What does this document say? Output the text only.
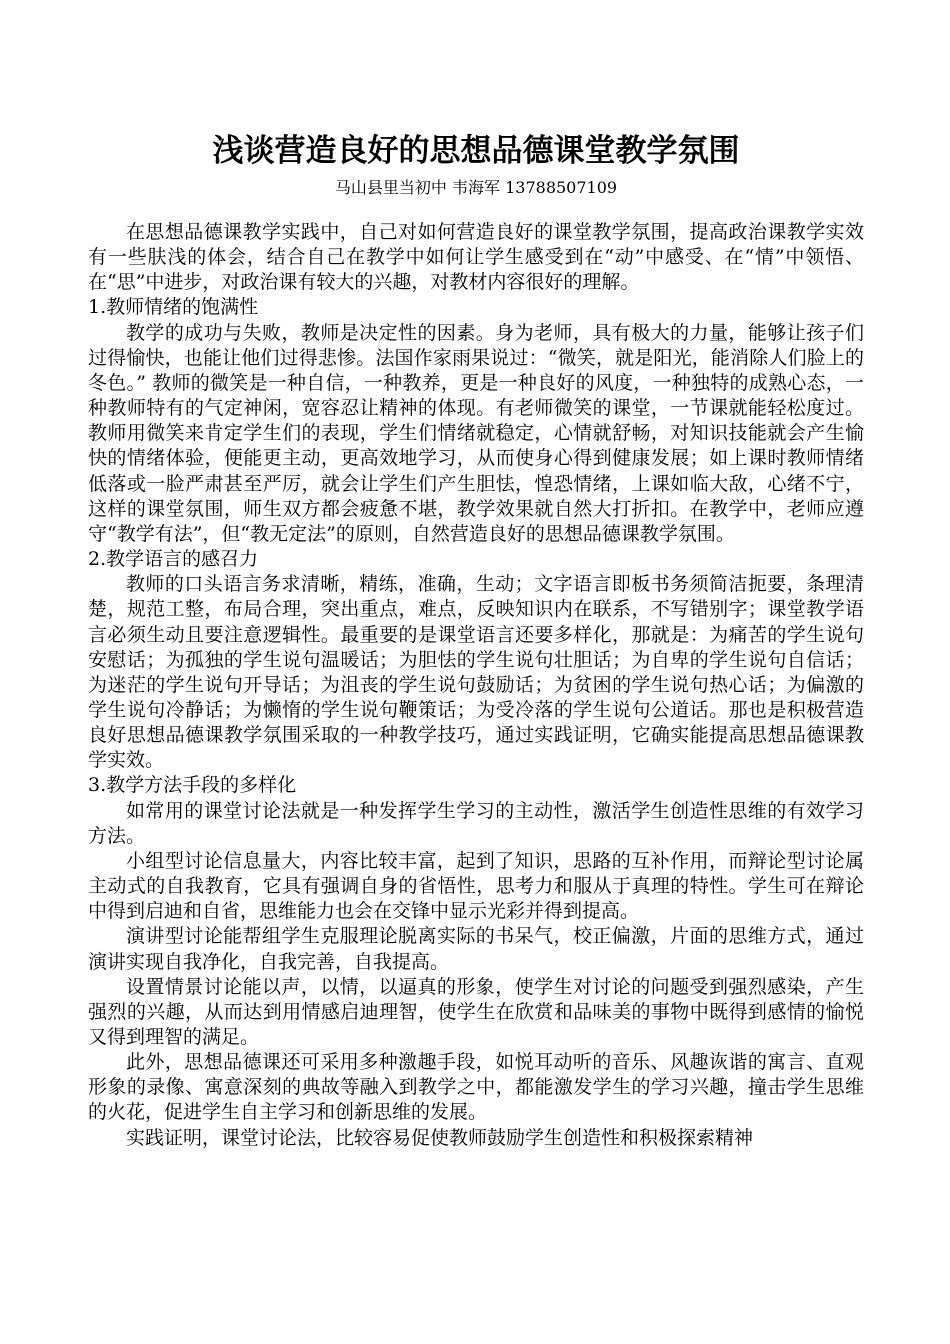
浅谈营造良好的思想品德课堂教学氛围
马山县里当初中 韦海军 13788507109

在思想品德课教学实践中，自己对如何营造良好的课堂教学氛围，提高政治课教学实效有一些肤浅的体会，结合自己在教学中如何让学生感受到在“动”中感受、在“情”中领悟、在“思”中进步，对政治课有较大的兴趣，对教材内容很好的理解。

1.教师情绪的饱满性

教学的成功与失败，教师是决定性的因素。身为老师，具有极大的力量，能够让孩子们过得愉快，也能让他们过得悲惨。法国作家雨果说过：“微笑，就是阳光，能消除人们脸上的冬色。” 教师的微笑是一种自信，一种教养，更是一种良好的风度，一种独特的成熟心态，一种教师特有的气定神闲，宽容忍让精神的体现。有老师微笑的课堂，一节课就能轻松度过。教师用微笑来肯定学生们的表现，学生们情绪就稳定，心情就舒畅，对知识技能就会产生愉快的情绪体验，便能更主动，更高效地学习，从而使身心得到健康发展；如上课时教师情绪低落或一脸严肃甚至严厉，就会让学生们产生胆怯，惶恐情绪，上课如临大敌，心绪不宁，这样的课堂氛围，师生双方都会疲惫不堪，教学效果就自然大打折扣。在教学中，老师应遵守“教学有法”，但“教无定法”的原则，自然营造良好的思想品德课教学氛围。

2.教学语言的感召力

教师的口头语言务求清晰，精练，准确，生动；文字语言即板书务须简洁扼要，条理清楚，规范工整，布局合理，突出重点，难点，反映知识内在联系，不写错别字；课堂教学语言必须生动且要注意逻辑性。最重要的是课堂语言还要多样化，那就是：为痛苦的学生说句安慰话；为孤独的学生说句温暖话；为胆怯的学生说句壮胆话；为自卑的学生说句自信话；为迷茫的学生说句开导话；为沮丧的学生说句鼓励话；为贫困的学生说句热心话；为偏激的学生说句冷静话；为懒惰的学生说句鞭策话；为受冷落的学生说句公道话。那也是积极营造良好思想品德课教学氛围采取的一种教学技巧，通过实践证明，它确实能提高思想品德课教学实效。

3.教学方法手段的多样化

如常用的课堂讨论法就是一种发挥学生学习的主动性，激活学生创造性思维的有效学习方法。

小组型讨论信息量大，内容比较丰富，起到了知识，思路的互补作用，而辩论型讨论属主动式的自我教育，它具有强调自身的省悟性，思考力和服从于真理的特性。学生可在辩论中得到启迪和自省，思维能力也会在交锋中显示光彩并得到提高。

演讲型讨论能帮组学生克服理论脱离实际的书呆气，校正偏激，片面的思维方式，通过演讲实现自我净化，自我完善，自我提高。

设置情景讨论能以声，以情，以逼真的形象，使学生对讨论的问题受到强烈感染，产生强烈的兴趣，从而达到用情感启迪理智，使学生在欣赏和品味美的事物中既得到感情的愉悦又得到理智的满足。

此外，思想品德课还可采用多种激趣手段，如悦耳动听的音乐、风趣诙谐的寓言、直观形象的录像、寓意深刻的典故等融入到教学之中，都能激发学生的学习兴趣，撞击学生思维的火花，促进学生自主学习和创新思维的发展。

实践证明，课堂讨论法，比较容易促使教师鼓励学生创造性和积极探索精神
